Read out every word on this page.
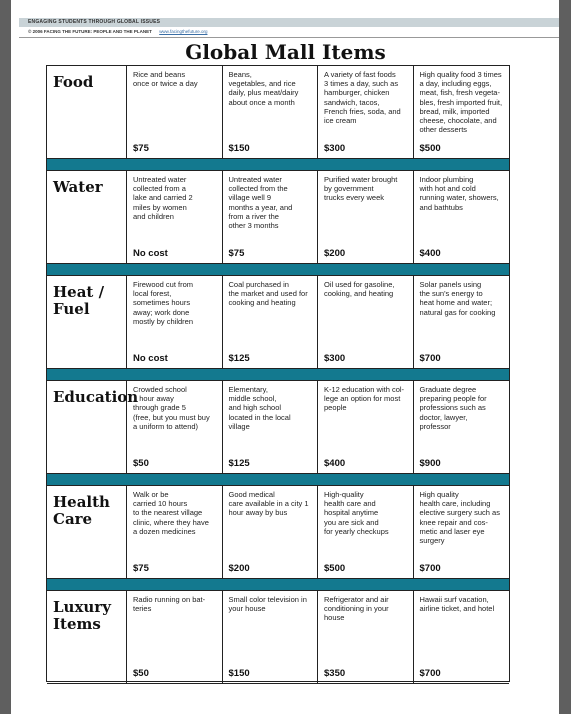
ENGAGING STUDENTS THROUGH GLOBAL ISSUES
© 2006 FACING THE FUTURE: PEOPLE AND THE PLANET www.facingthefuture.org
Global Mall Items
Food	Rice and beans
once or twice a day
$75
Beans,
vegetables, and rice
daily, plus meat/dairy
about once a month
$150
A variety of fast foods
3 times a day, such as
hamburger, chicken
sandwich, tacos,
French fries, soda, and
ice cream
$300
High quality food 3 times
a day, including eggs,
meat, fish, fresh vegeta-
bles, fresh imported fruit,
bread, milk, imported
cheese, chocolate, and
other desserts
$500
Water	Untreated water
collected from a
lake and carried 2
miles by women
and children
No cost
Untreated water
collected from the
village well 9
months a year, and
from a river the
other 3 months
$75
Purified water brought
by government
trucks every week
$200
Indoor plumbing
with hot and cold
running water, showers,
and bathtubs
$400
Heat /
Fuel
Firewood cut from
local forest,
sometimes hours
away; work done
mostly by children
No cost
Coal purchased in
the market and used for
cooking and heating
$125
Oil used for gasoline,
cooking, and heating
$300
Solar panels using
the sun's energy to
heat home and water;
natural gas for cooking
$700
Education
Crowded school
1 hour away
through grade 5
(free, but you must buy
a uniform to attend)
$50
Elementary,
middle school,
and high school
located in the local
village
$125
K-12 education with col-
lege an option for most
people
$400
Graduate degree
preparing people for
professions such as
doctor, lawyer,
professor
$900
Health
Care
Walk or be
carried 10 hours
to the nearest village
clinic, where they have
a dozen medicines
$75
Good medical
care available in a city 1
hour away by bus
$200
High-quality
health care and
hospital anytime
you are sick and
for yearly checkups
$500
High quality
health care, including
elective surgery such as
knee repair and cos-
metic and laser eye
surgery
$700
Luxury
Items
Radio running on bat-
teries
$50
Small color television in
your house
$150
Refrigerator and air
conditioning in your
house
$350
Hawaii surf vacation,
airline ticket, and hotel
$700
